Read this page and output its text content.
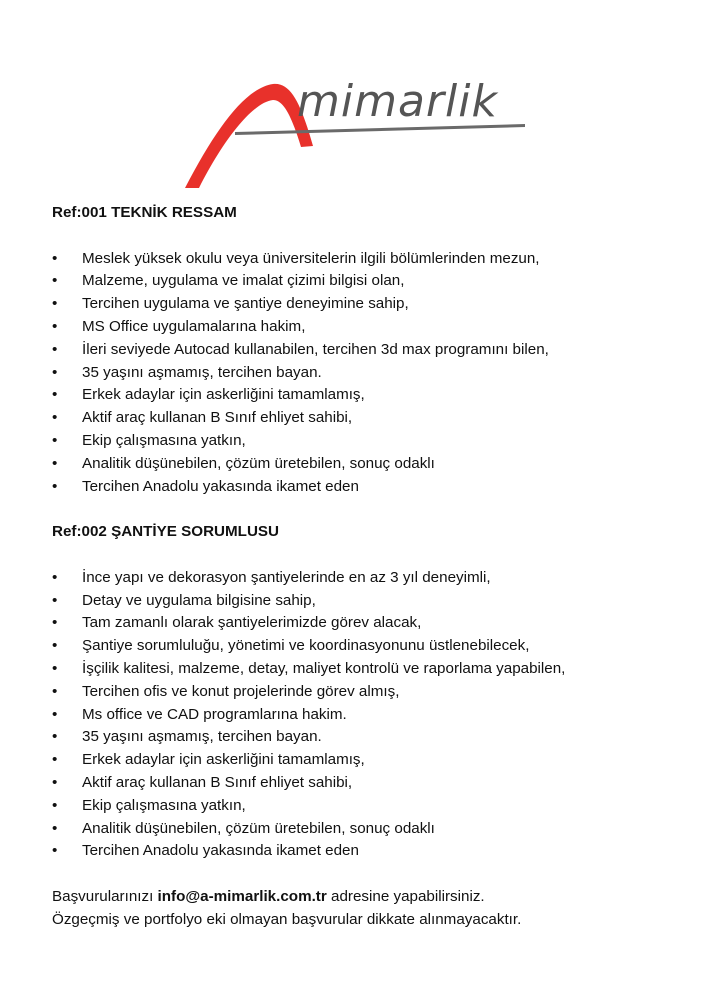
mimarlik

Ref:001 TEKNİK RESSAM

• Meslek yüksek okulu veya üniversitelerin ilgili bölümlerinden mezun,
• Malzeme, uygulama ve imalat çizimi bilgisi olan,
• Tercihen uygulama ve şantiye deneyimine sahip,
• MS Office uygulamalarına hakim,
• İleri seviyede Autocad kullanabilen, tercihen 3d max programını bilen,
• 35 yaşını aşmamış, tercihen bayan.
• Erkek adaylar için askerliğini tamamlamış,
• Aktif araç kullanan B Sınıf ehliyet sahibi,
• Ekip çalışmasına yatkın,
• Analitik düşünebilen, çözüm üretebilen, sonuç odaklı
• Tercihen Anadolu yakasında ikamet eden

Ref:002 ŞANTİYE SORUMLUSU

• İnce yapı ve dekorasyon şantiyelerinde en az 3 yıl deneyimli,
• Detay ve uygulama bilgisine sahip,
• Tam zamanlı olarak şantiyelerimizde görev alacak,
• Şantiye sorumluluğu, yönetimi ve koordinasyonunu üstlenebilecek,
• İşçilik kalitesi, malzeme, detay, maliyet kontrolü ve raporlama yapabilen,
• Tercihen ofis ve konut projelerinde görev almış,
• Ms office ve CAD programlarına hakim.
• 35 yaşını aşmamış, tercihen bayan.
• Erkek adaylar için askerliğini tamamlamış,
• Aktif araç kullanan B Sınıf ehliyet sahibi,
• Ekip çalışmasına yatkın,
• Analitik düşünebilen, çözüm üretebilen, sonuç odaklı
• Tercihen Anadolu yakasında ikamet eden

Başvurularınızı info@a-mimarlik.com.tr adresine yapabilirsiniz.

Özgeçmiş ve portfolyo eki olmayan başvurular dikkate alınmayacaktır.
